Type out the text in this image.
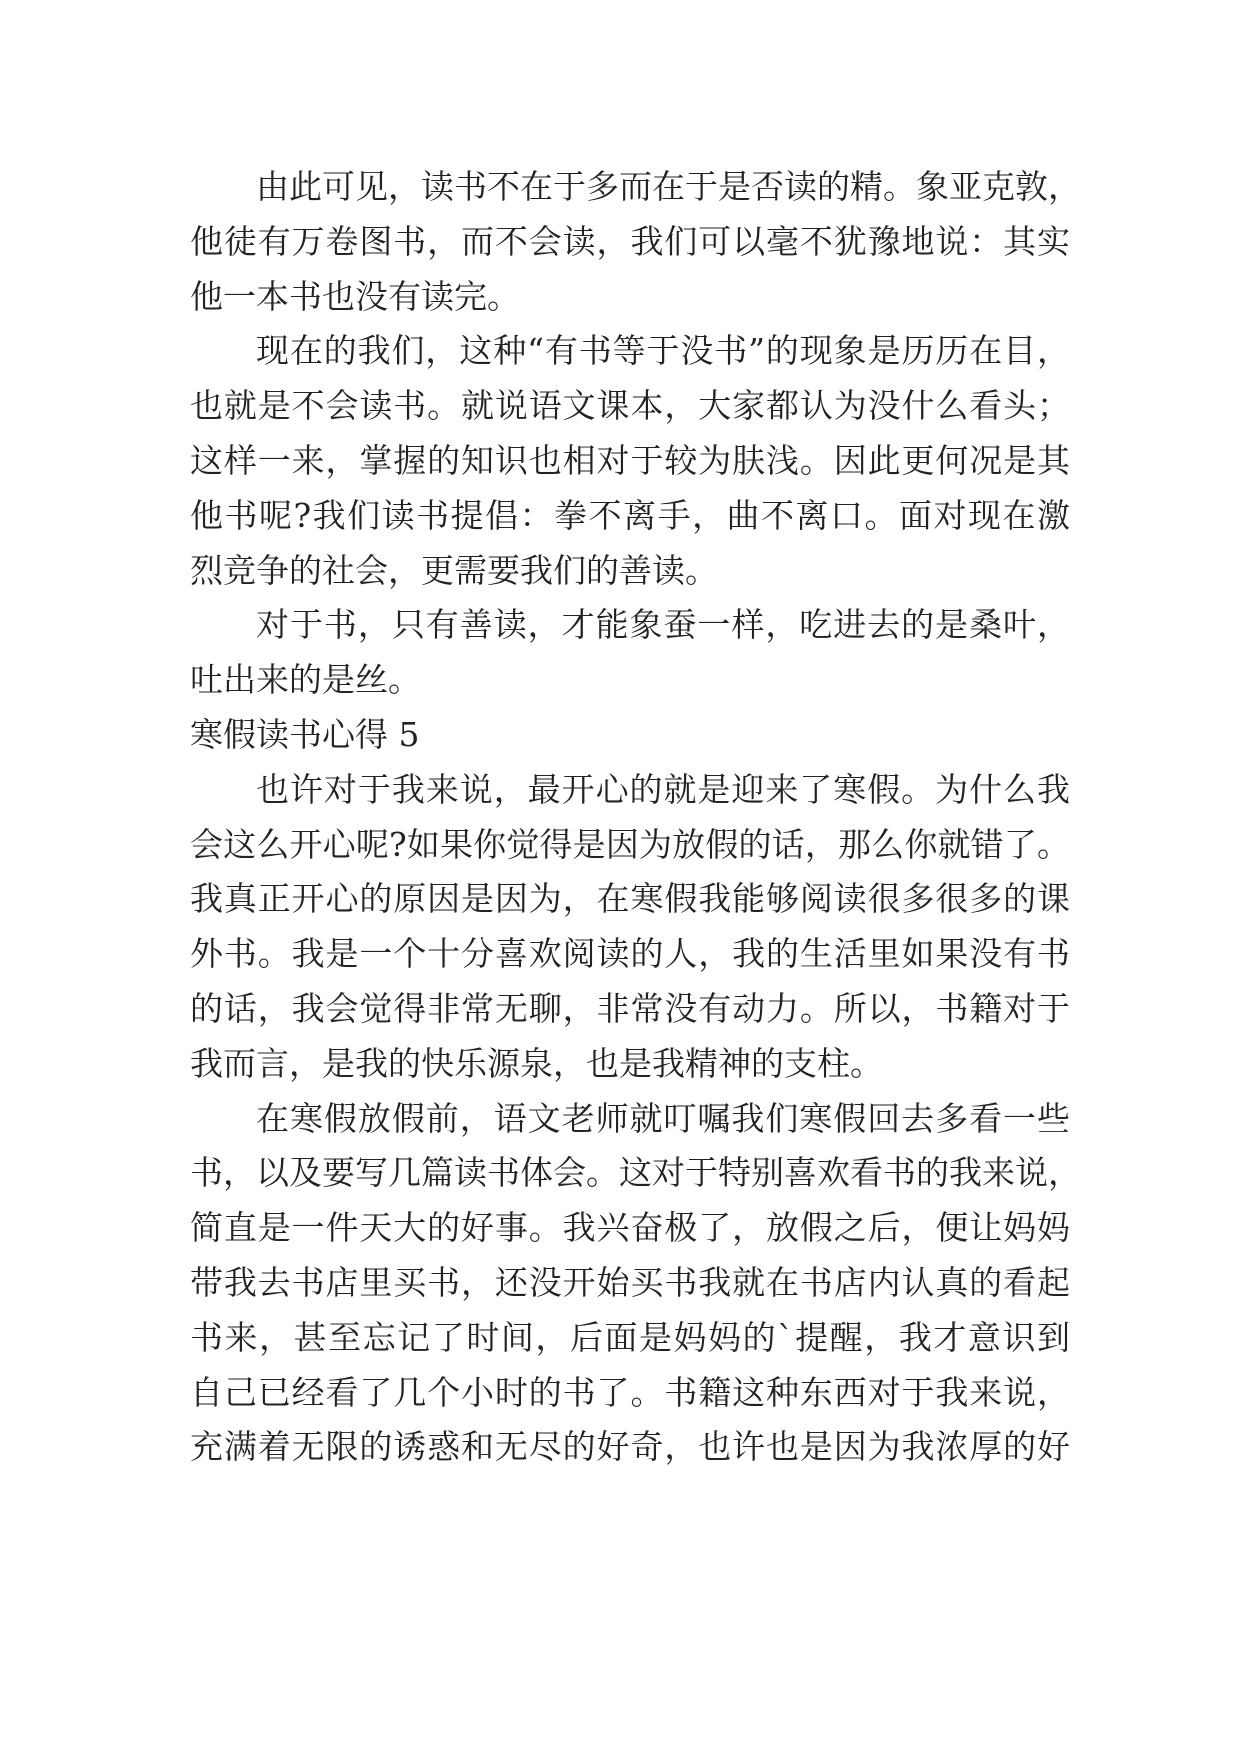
由此可见，读书不在于多而在于是否读的精。象亚克敦，
他徒有万卷图书，而不会读，我们可以毫不犹豫地说：其实
他一本书也没有读完。
现在的我们，这种“有书等于没书”的现象是历历在目，
也就是不会读书。就说语文课本，大家都认为没什么看头；
这样一来，掌握的知识也相对于较为肤浅。因此更何况是其
他书呢?我们读书提倡：拳不离手，曲不离口。面对现在激
烈竞争的社会，更需要我们的善读。
对于书，只有善读，才能象蚕一样，吃进去的是桑叶，
吐出来的是丝。
寒假读书心得 5
也许对于我来说，最开心的就是迎来了寒假。为什么我
会这么开心呢?如果你觉得是因为放假的话，那么你就错了。
我真正开心的原因是因为，在寒假我能够阅读很多很多的课
外书。我是一个十分喜欢阅读的人，我的生活里如果没有书
的话，我会觉得非常无聊，非常没有动力。所以，书籍对于
我而言，是我的快乐源泉，也是我精神的支柱。
在寒假放假前，语文老师就叮嘱我们寒假回去多看一些
书，以及要写几篇读书体会。这对于特别喜欢看书的我来说，
简直是一件天大的好事。我兴奋极了，放假之后，便让妈妈
带我去书店里买书，还没开始买书我就在书店内认真的看起
书来，甚至忘记了时间，后面是妈妈的`提醒，我才意识到
自己已经看了几个小时的书了。书籍这种东西对于我来说，
充满着无限的诱惑和无尽的好奇，也许也是因为我浓厚的好
